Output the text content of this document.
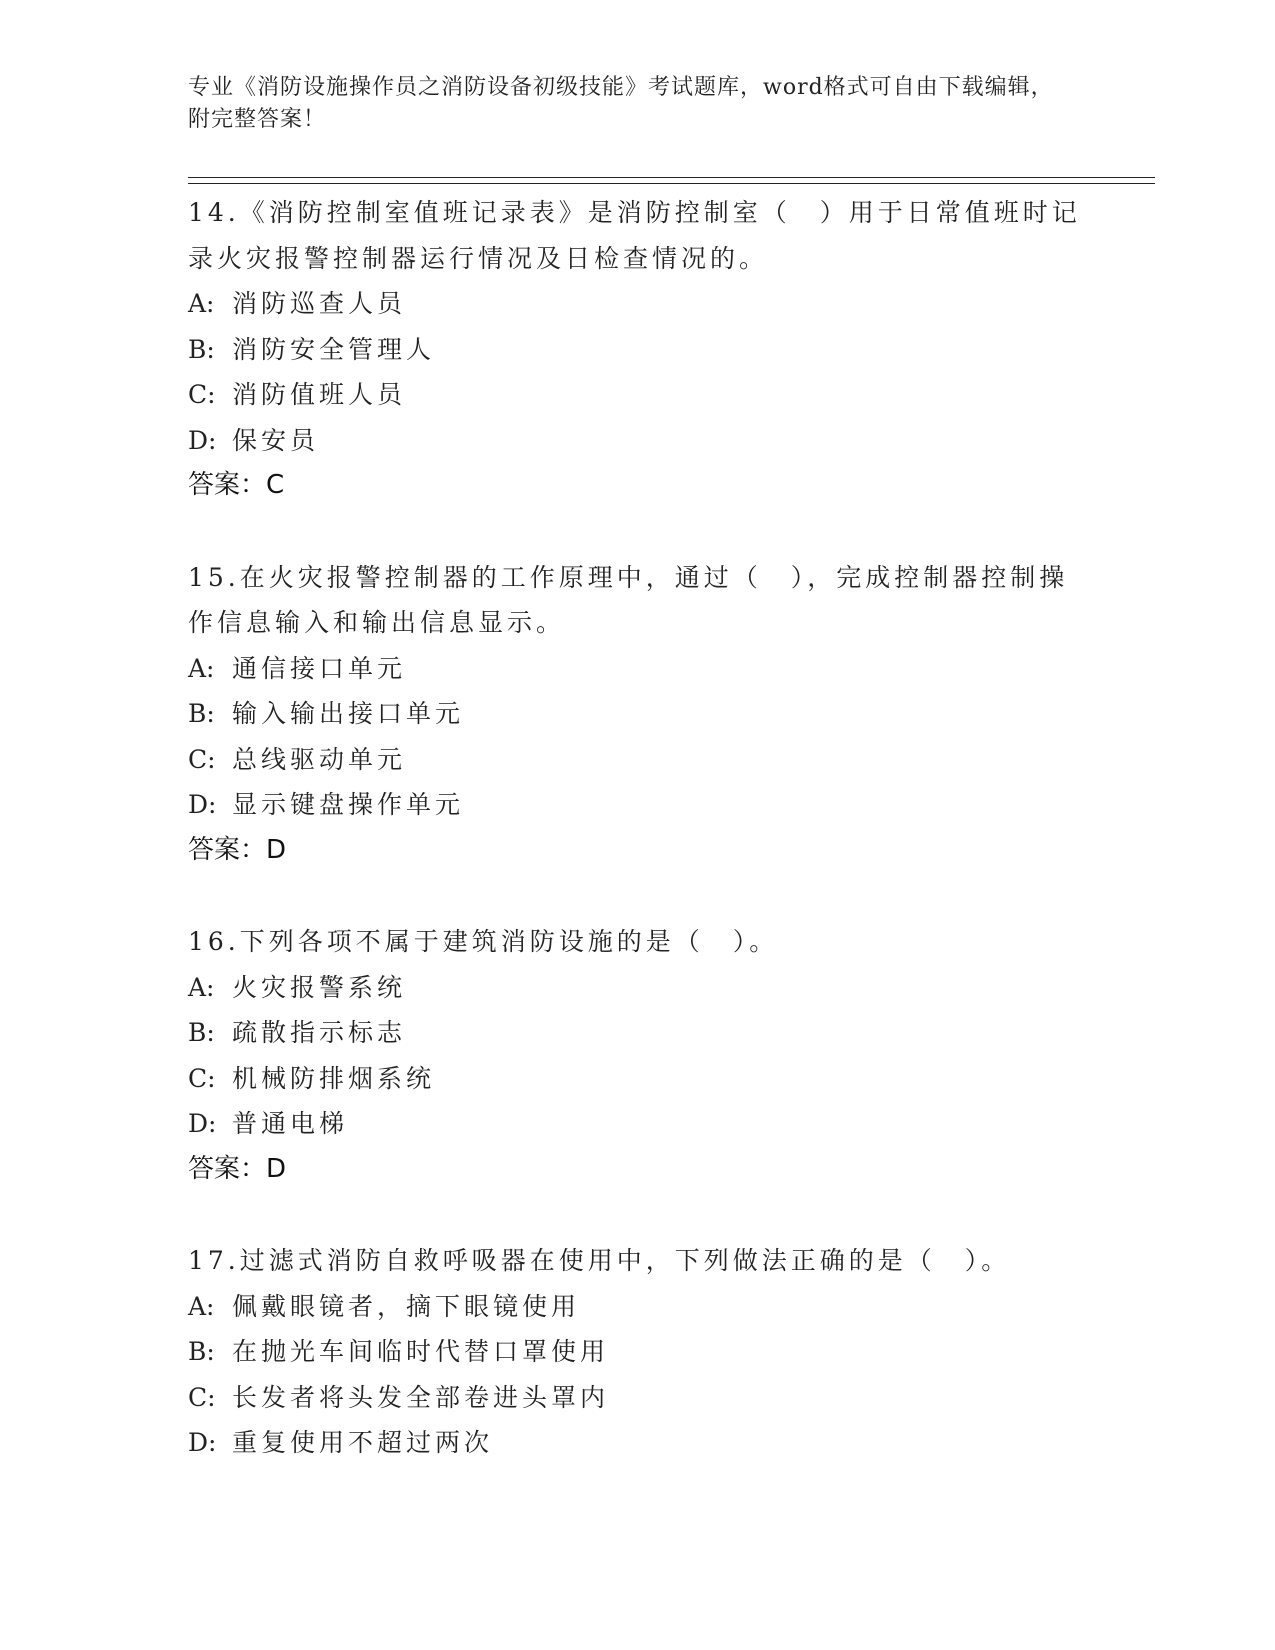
专业《消防设施操作员之消防设备初级技能》考试题库，word格式可自由下载编辑，附完整答案！

14.《消防控制室值班记录表》是消防控制室（　）用于日常值班时记录火灾报警控制器运行情况及日检查情况的。

A: 消防巡查人员

B: 消防安全管理人

C: 消防值班人员

D: 保安员

答案：C

15.在火灾报警控制器的工作原理中，通过（　），完成控制器控制操作信息输入和输出信息显示。

A: 通信接口单元

B: 输入输出接口单元

C: 总线驱动单元

D: 显示键盘操作单元

答案：D

16.下列各项不属于建筑消防设施的是（　）。

A: 火灾报警系统

B: 疏散指示标志

C: 机械防排烟系统

D: 普通电梯

答案：D

17.过滤式消防自救呼吸器在使用中，下列做法正确的是（　）。

A: 佩戴眼镜者，摘下眼镜使用

B: 在抛光车间临时代替口罩使用

C: 长发者将头发全部卷进头罩内

D: 重复使用不超过两次
